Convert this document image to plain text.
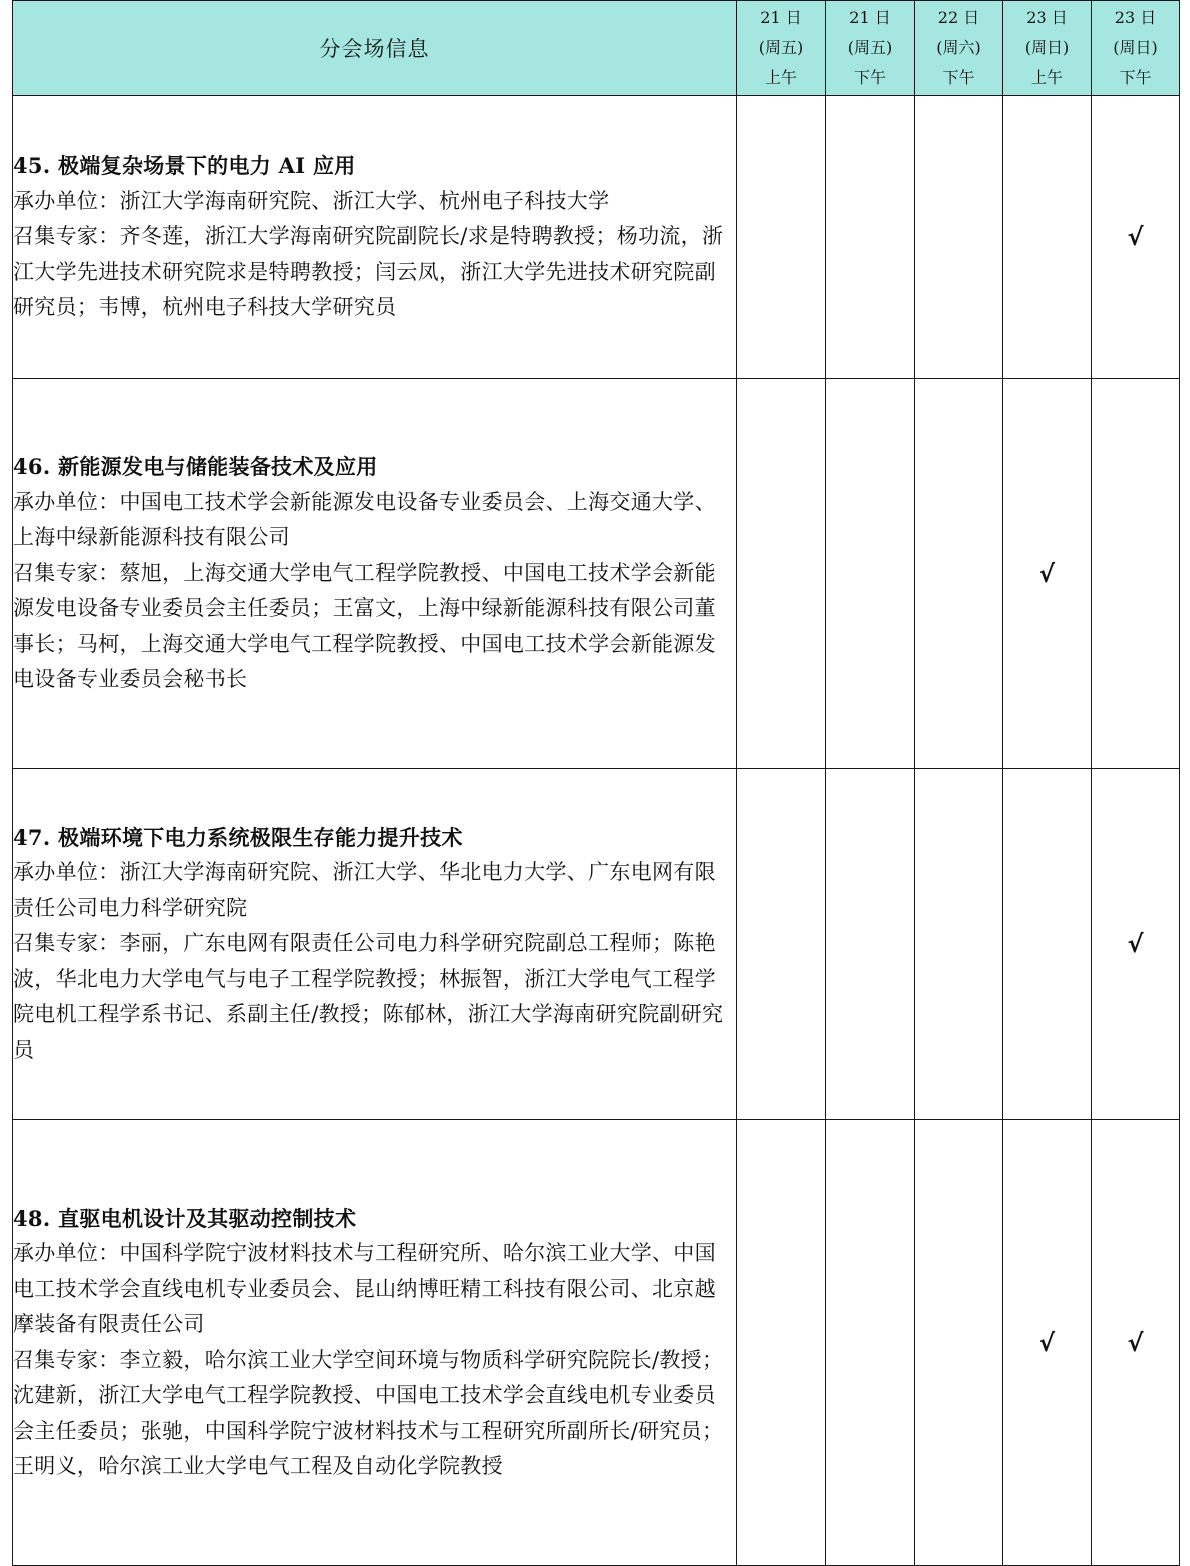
分会场信息	21 日
(周五)
上午	21 日
(周五)
下午	22 日
(周六)
下午	23 日
(周日)
上午	23 日
(周日)
下午

45. 极端复杂场景下的电力 AI 应用
承办单位：浙江大学海南研究院、浙江大学、杭州电子科技大学
召集专家：齐冬莲，浙江大学海南研究院副院长/求是特聘教授；杨功流，浙江大学先进技术研究院求是特聘教授；闫云凤，浙江大学先进技术研究院副研究员；韦博，杭州电子科技大学研究员					√

46. 新能源发电与储能装备技术及应用
承办单位：中国电工技术学会新能源发电设备专业委员会、上海交通大学、上海中绿新能源科技有限公司
召集专家：蔡旭，上海交通大学电气工程学院教授、中国电工技术学会新能源发电设备专业委员会主任委员；王富文，上海中绿新能源科技有限公司董事长；马柯，上海交通大学电气工程学院教授、中国电工技术学会新能源发电设备专业委员会秘书长				√	

47. 极端环境下电力系统极限生存能力提升技术
承办单位：浙江大学海南研究院、浙江大学、华北电力大学、广东电网有限责任公司电力科学研究院
召集专家：李丽，广东电网有限责任公司电力科学研究院副总工程师；陈艳波，华北电力大学电气与电子工程学院教授；林振智，浙江大学电气工程学院电机工程学系书记、系副主任/教授；陈郁林，浙江大学海南研究院副研究员					√

48. 直驱电机设计及其驱动控制技术
承办单位：中国科学院宁波材料技术与工程研究所、哈尔滨工业大学、中国电工技术学会直线电机专业委员会、昆山纳博旺精工科技有限公司、北京越摩装备有限责任公司
召集专家：李立毅，哈尔滨工业大学空间环境与物质科学研究院院长/教授；沈建新，浙江大学电气工程学院教授、中国电工技术学会直线电机专业委员会主任委员；张驰，中国科学院宁波材料技术与工程研究所副所长/研究员；王明义，哈尔滨工业大学电气工程及自动化学院教授				√	√
